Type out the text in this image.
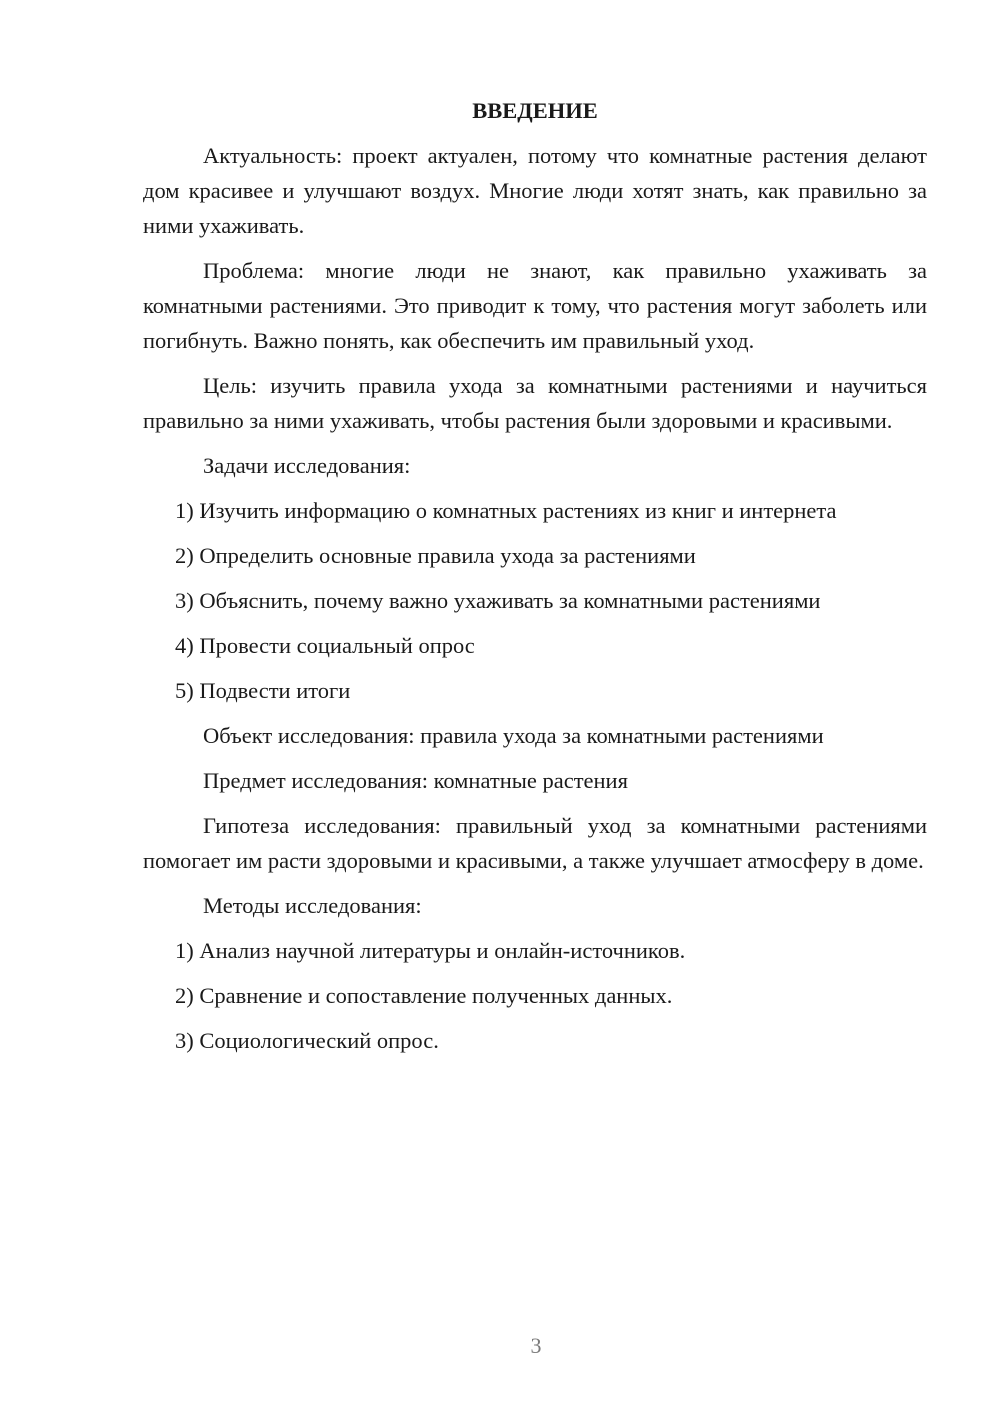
ВВЕДЕНИЕ

Актуальность: проект актуален, потому что комнатные растения делают дом красивее и улучшают воздух. Многие люди хотят знать, как правильно за ними ухаживать.

Проблема: многие люди не знают, как правильно ухаживать за комнатными растениями. Это приводит к тому, что растения могут заболеть или погибнуть. Важно понять, как обеспечить им правильный уход.

Цель: изучить правила ухода за комнатными растениями и научиться правильно за ними ухаживать, чтобы растения были здоровыми и красивыми.

Задачи исследования:

1) Изучить информацию о комнатных растениях из книг и интернета
2) Определить основные правила ухода за растениями
3) Объяснить, почему важно ухаживать за комнатными растениями
4) Провести социальный опрос
5) Подвести итоги

Объект исследования: правила ухода за комнатными растениями

Предмет исследования: комнатные растения

Гипотеза исследования: правильный уход за комнатными растениями помогает им расти здоровыми и красивыми, а также улучшает атмосферу в доме.

Методы исследования:

1) Анализ научной литературы и онлайн-источников.
2) Сравнение и сопоставление полученных данных.
3) Социологический опрос.
3
